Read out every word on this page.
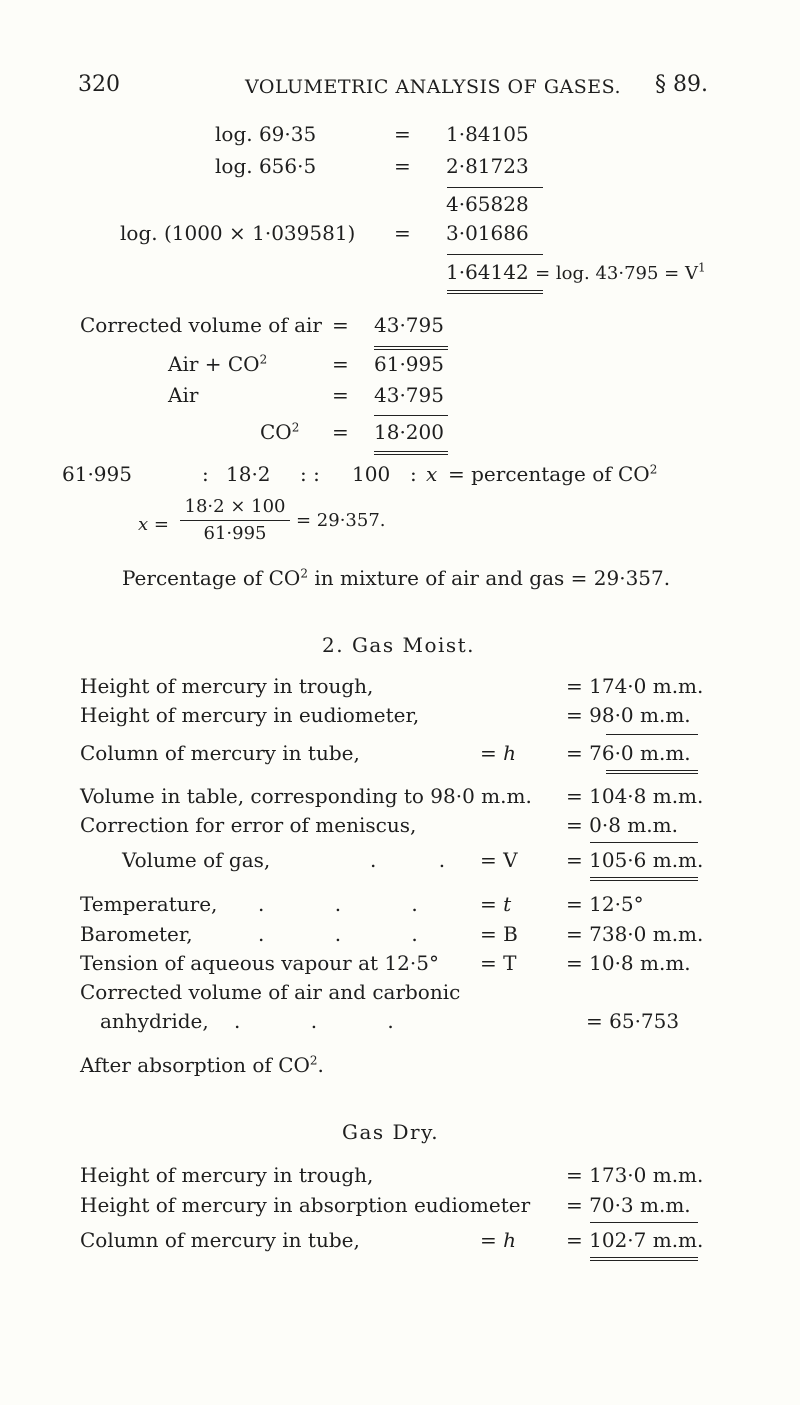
320	VOLUMETRIC ANALYSIS OF GASES. § 89.
log. 69·35	= 1·84105
log. 656·5	= 2·81723
4·65828
log. (1000 × 1·039581) = 3·01686
1·64142 = log. $43\cdot 795 = V^1$
Corrected volume of air = 43·795
Air + $CO^2$	= 61·995
Air	= 43·795
$CO^2 = 18\cdot 200$
61·995	: 18·2 : : 100 : x = percentage of $CO^2$
x =
18·2 × 100
61·995
= 29·357.
Percentage of $CO^2$ in mixture of air and gas = 29·357.
2. Gas Moist.
Height of mercury in trough,	= 174·0 m.m.
Height of mercury in eudiometer,	= 98·0 m.m.
Column of mercury in tube,	= h	= 76·0 m.m.
Volume in table, corresponding to 98·0 m.m. = 104·8 m.m.
Correction for error of meniscus,	= 0·8 m.m.
Volume of gas,	. . = V = 105·6 m.m.
Temperature, . . . = t	= 12·5°
Barometer,	. . . = B = 738·0 m.m.
Tension of aqueous vapour at 12·5° = T = 10·8 m.m.
Corrected volume of air and carbonic
anhydride, . . .	= 65·753
After absorption of $CO^2$.
Gas Dry.
Height of mercury in trough,	= 173·0 m.m.
Height of mercury in absorption eudiometer = 70·3 m.m.
Column of mercury in tube,	= h	= 102·7 m.m.
